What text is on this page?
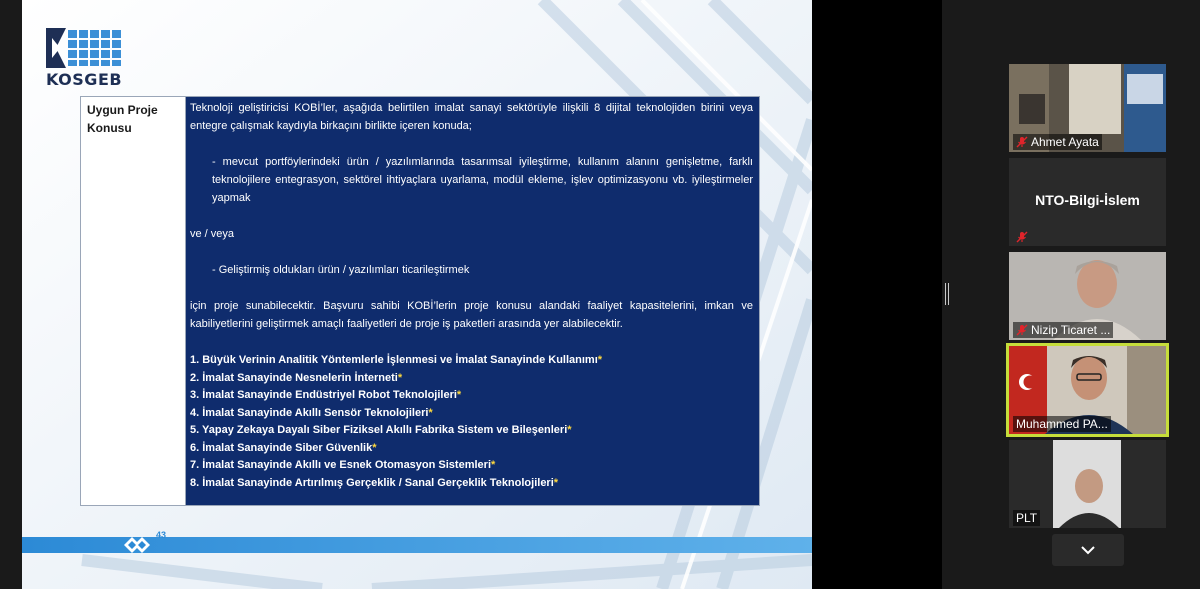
KOSGEB
Uygun Proje
Konusu

Teknoloji geliştiricisi KOBİ’ler, aşağıda belirtilen imalat sanayi sektörüyle ilişkili 8 dijital teknolojiden birini veya entegre çalışmak kaydıyla birkaçını birlikte içeren konuda;

- mevcut portföylerindeki ürün / yazılımlarında tasarımsal iyileştirme, kullanım alanını genişletme, farklı teknolojilere entegrasyon, sektörel ihtiyaçlara uyarlama, modül ekleme, işlev optimizasyonu vb. iyileştirmeler yapmak

ve / veya

- Geliştirmiş oldukları ürün / yazılımları ticarileştirmek

için proje sunabilecektir. Başvuru sahibi KOBİ’lerin proje konusu alandaki faaliyet kapasitelerini, imkan ve kabiliyetlerini geliştirmek amaçlı faaliyetleri de proje iş paketleri arasında yer alabilecektir.

1. Büyük Verinin Analitik Yöntemlerle İşlenmesi ve İmalat Sanayinde Kullanımı*
2. İmalat Sanayinde Nesnelerin İnterneti*
3. İmalat Sanayinde Endüstriyel Robot Teknolojileri*
4. İmalat Sanayinde Akıllı Sensör Teknolojileri*
5. Yapay Zekaya Dayalı Siber Fiziksel Akıllı Fabrika Sistem ve Bileşenleri*
6. İmalat Sanayinde Siber Güvenlik*
7. İmalat Sanayinde Akıllı ve Esnek Otomasyon Sistemleri*
8. İmalat Sanayinde Artırılmış Gerçeklik / Sanal Gerçeklik Teknolojileri*
43
Ahmet Ayata
NTO-Bilgi-İslem
Nizip Ticaret ...
Muhammed PA...
PLT
